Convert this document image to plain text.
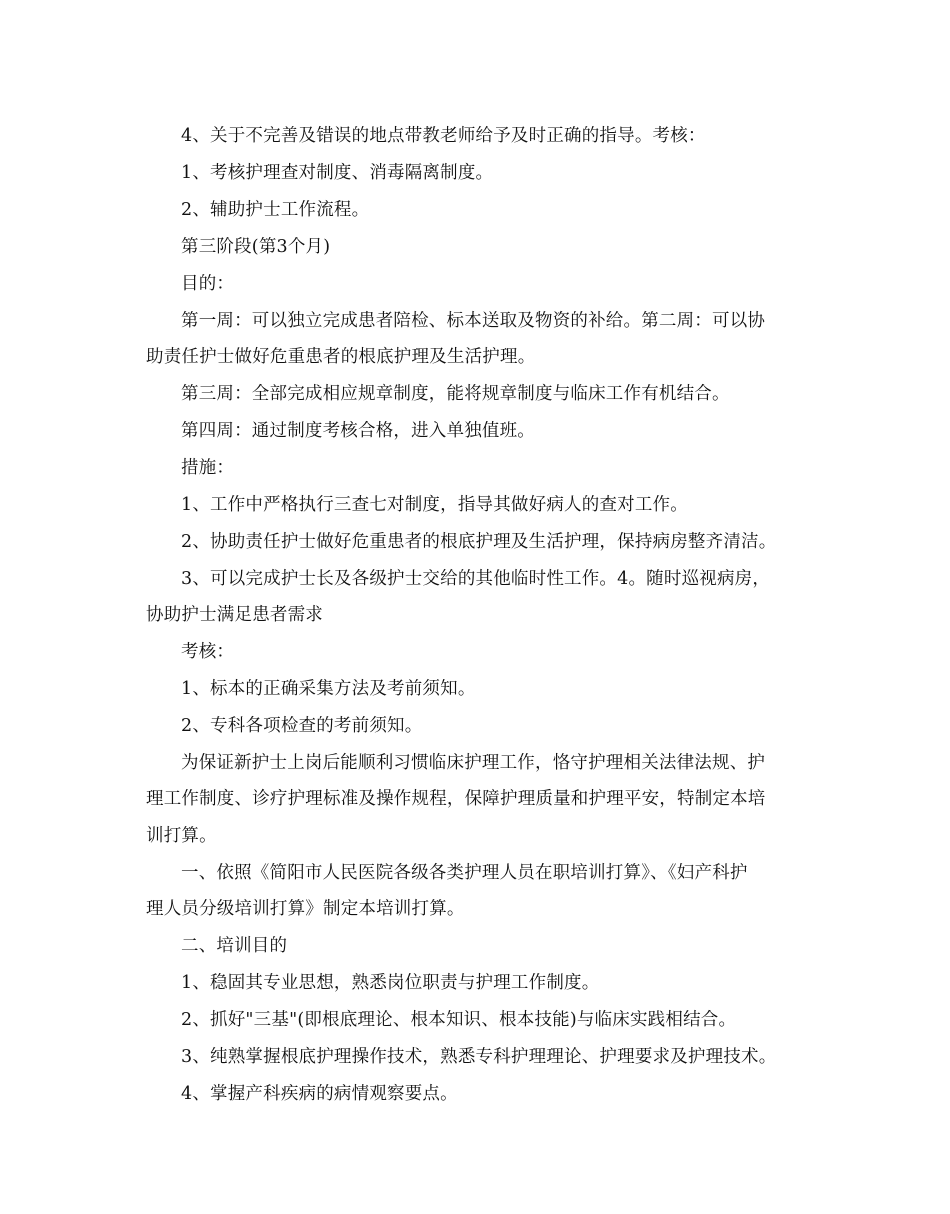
4、关于不完善及错误的地点带教老师给予及时正确的指导。考核：
1、考核护理查对制度、消毒隔离制度。
2、辅助护士工作流程。
第三阶段(第3个月)
目的：
第一周：可以独立完成患者陪检、标本送取及物资的补给。第二周：可以协
助责任护士做好危重患者的根底护理及生活护理。
第三周：全部完成相应规章制度，能将规章制度与临床工作有机结合。
第四周：通过制度考核合格，进入单独值班。
措施：
1、工作中严格执行三查七对制度，指导其做好病人的查对工作。
2、协助责任护士做好危重患者的根底护理及生活护理，保持病房整齐清洁。
3、可以完成护士长及各级护士交给的其他临时性工作。4。随时巡视病房，
协助护士满足患者需求
考核：
1、标本的正确采集方法及考前须知。
2、专科各项检查的考前须知。
为保证新护士上岗后能顺利习惯临床护理工作，恪守护理相关法律法规、护
理工作制度、诊疗护理标准及操作规程，保障护理质量和护理平安，特制定本培
训打算。
一、依照《简阳市人民医院各级各类护理人员在职培训打算》、《妇产科护
理人员分级培训打算》制定本培训打算。
二、培训目的
1、稳固其专业思想，熟悉岗位职责与护理工作制度。
2、抓好"三基"(即根底理论、根本知识、根本技能)与临床实践相结合。
3、纯熟掌握根底护理操作技术，熟悉专科护理理论、护理要求及护理技术。
4、掌握产科疾病的病情观察要点。
